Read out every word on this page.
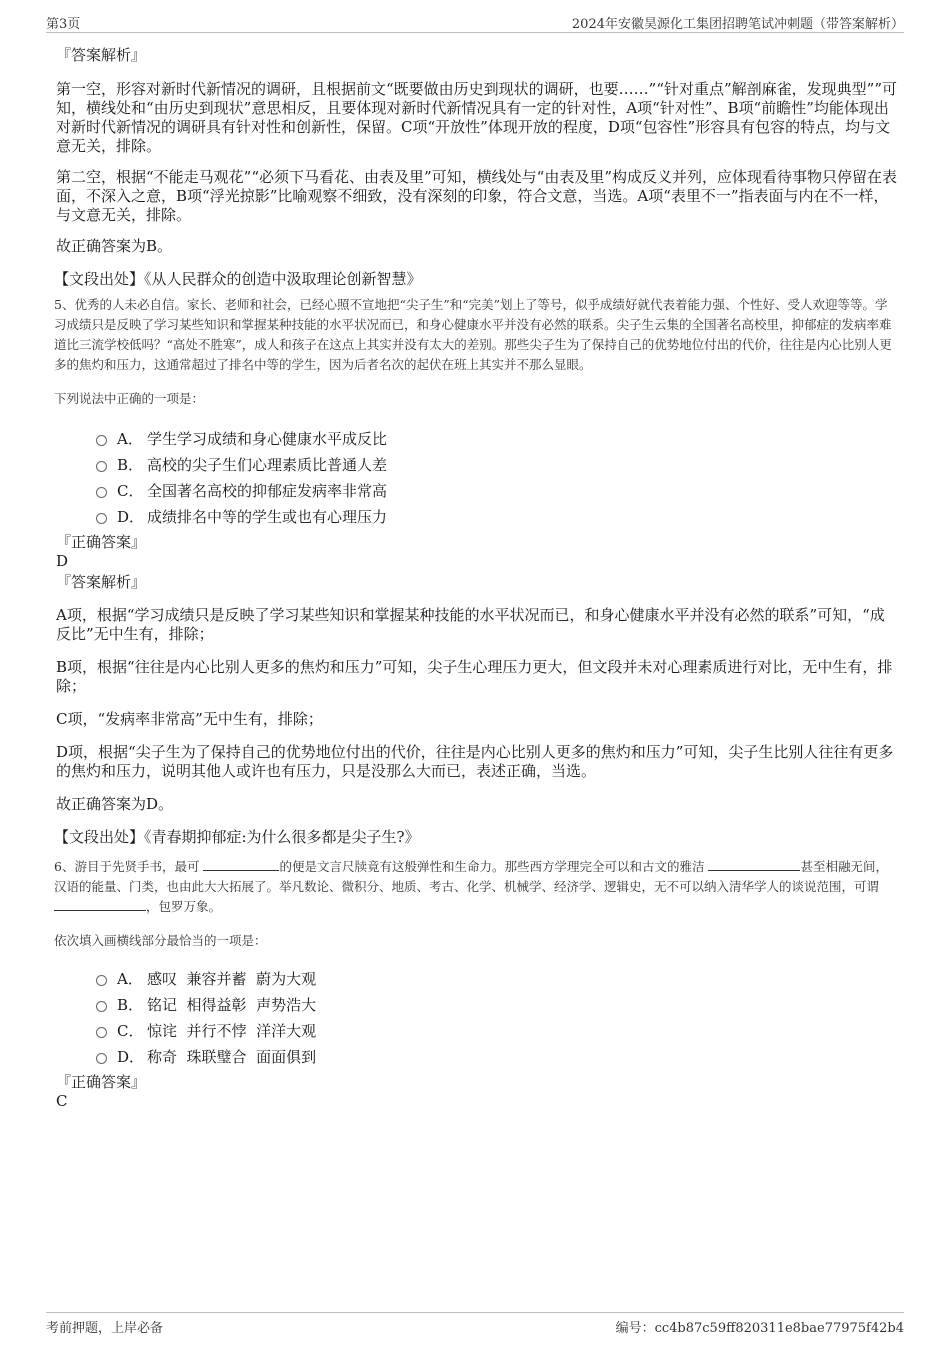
第3页	2024年安徽昊源化工集团招聘笔试冲刺题（带答案解析）
『答案解析』

第一空，形容对新时代新情况的调研，且根据前文“既要做由历史到现状的调研，也要……”“针对重点”解剖麻雀，发现典型””可知，横线处和“由历史到现状”意思相反，且要体现对新时代新情况具有一定的针对性，A项“针对性”、B项“前瞻性”均能体现出对新时代新情况的调研具有针对性和创新性，保留。C项“开放性”体现开放的程度，D项“包容性”形容具有包容的特点，均与文意无关，排除。

第二空，根据“不能走马观花”“必须下马看花、由表及里”可知，横线处与“由表及里”构成反义并列，应体现看待事物只停留在表面，不深入之意，B项“浮光掠影”比喻观察不细致，没有深刻的印象，符合文意，当选。A项“表里不一”指表面与内在不一样，与文意无关，排除。

故正确答案为B。

【文段出处】《从人民群众的创造中汲取理论创新智慧》

5、优秀的人未必自信。家长、老师和社会，已经心照不宣地把“尖子生”和“完美”划上了等号，似乎成绩好就代表着能力强、个性好、受人欢迎等等。学习成绩只是反映了学习某些知识和掌握某种技能的水平状况而已，和身心健康水平并没有必然的联系。尖子生云集的全国著名高校里，抑郁症的发病率难道比三流学校低吗？“高处不胜寒”，成人和孩子在这点上其实并没有太大的差别。那些尖子生为了保持自己的优势地位付出的代价，往往是内心比别人更多的焦灼和压力，这通常超过了排名中等的学生，因为后者名次的起伏在班上其实并不那么显眼。

下列说法中正确的一项是：

A． 学生学习成绩和身心健康水平成反比
B． 高校的尖子生们心理素质比普通人差
C． 全国著名高校的抑郁症发病率非常高
D． 成绩排名中等的学生或也有心理压力
『正确答案』
D
『答案解析』

A项，根据“学习成绩只是反映了学习某些知识和掌握某种技能的水平状况而已，和身心健康水平并没有必然的联系”可知，“成反比”无中生有，排除；

B项，根据“往往是内心比别人更多的焦灼和压力”可知，尖子生心理压力更大，但文段并未对心理素质进行对比，无中生有，排除；

C项，“发病率非常高”无中生有，排除；

D项，根据“尖子生为了保持自己的优势地位付出的代价，往往是内心比别人更多的焦灼和压力”可知，尖子生比别人往往有更多的焦灼和压力，说明其他人或许也有压力，只是没那么大而已，表述正确，当选。

故正确答案为D。

【文段出处】《青春期抑郁症:为什么很多都是尖子生?》

6、游目于先贤手书，最可	的便是文言尺牍竟有这般弹性和生命力。那些西方学理完全可以和古文的雅洁	甚至相融无间，汉语的能量、门类，也由此大大拓展了。举凡数论、微积分、地质、考古、化学、机械学、经济学、逻辑史，无不可以纳入清华学人的谈说范围，可谓 ，包罗万象。

依次填入画横线部分最恰当的一项是：

A． 感叹  兼容并蓄  蔚为大观
B． 铭记  相得益彰  声势浩大
C． 惊诧  并行不悖  洋洋大观
D． 称奇  珠联璧合  面面俱到
『正确答案』
C
考前押题，上岸必备	编号：cc4b87c59ff820311e8bae77975f42b4
